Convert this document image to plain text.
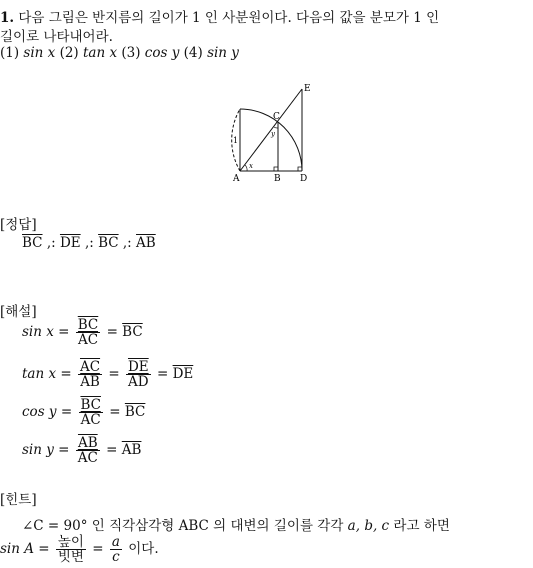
1. 다음 그림은 반지름의 길이가 1 인 사분원이다. 다음의 값을 분모가 1 인
길이로 나타내어라.
(1) sin x (2) tan x (3) cos y (4) sin y
A	B D
C
E
x
y
1
[정답]
$\overline{BC}$ ,: $\overline{DE}$ ,: $\overline{BC}$ ,: $\overline{AB}$
[해설]
$\sin x = \frac{\overline{BC}}{AC} = \overline{BC}$
$\tan x = \frac{\overline{AC}}{AB} = \frac{\overline{DE}}{AD} = \overline{DE}$
$\cos y = \frac{\overline{BC}}{AC} = \overline{BC}$
$\sin y = \frac{\overline{AB}}{AC} = \overline{AB}$
[힌트]
∠C = 90° 인 직각삼각형 ABC 의 대변의 길이를 각각 a, b, c 라고 하면
$\sin A = \frac{\text{높이}}{\text{빗변}} = \frac{a}{c}$ 이다.
